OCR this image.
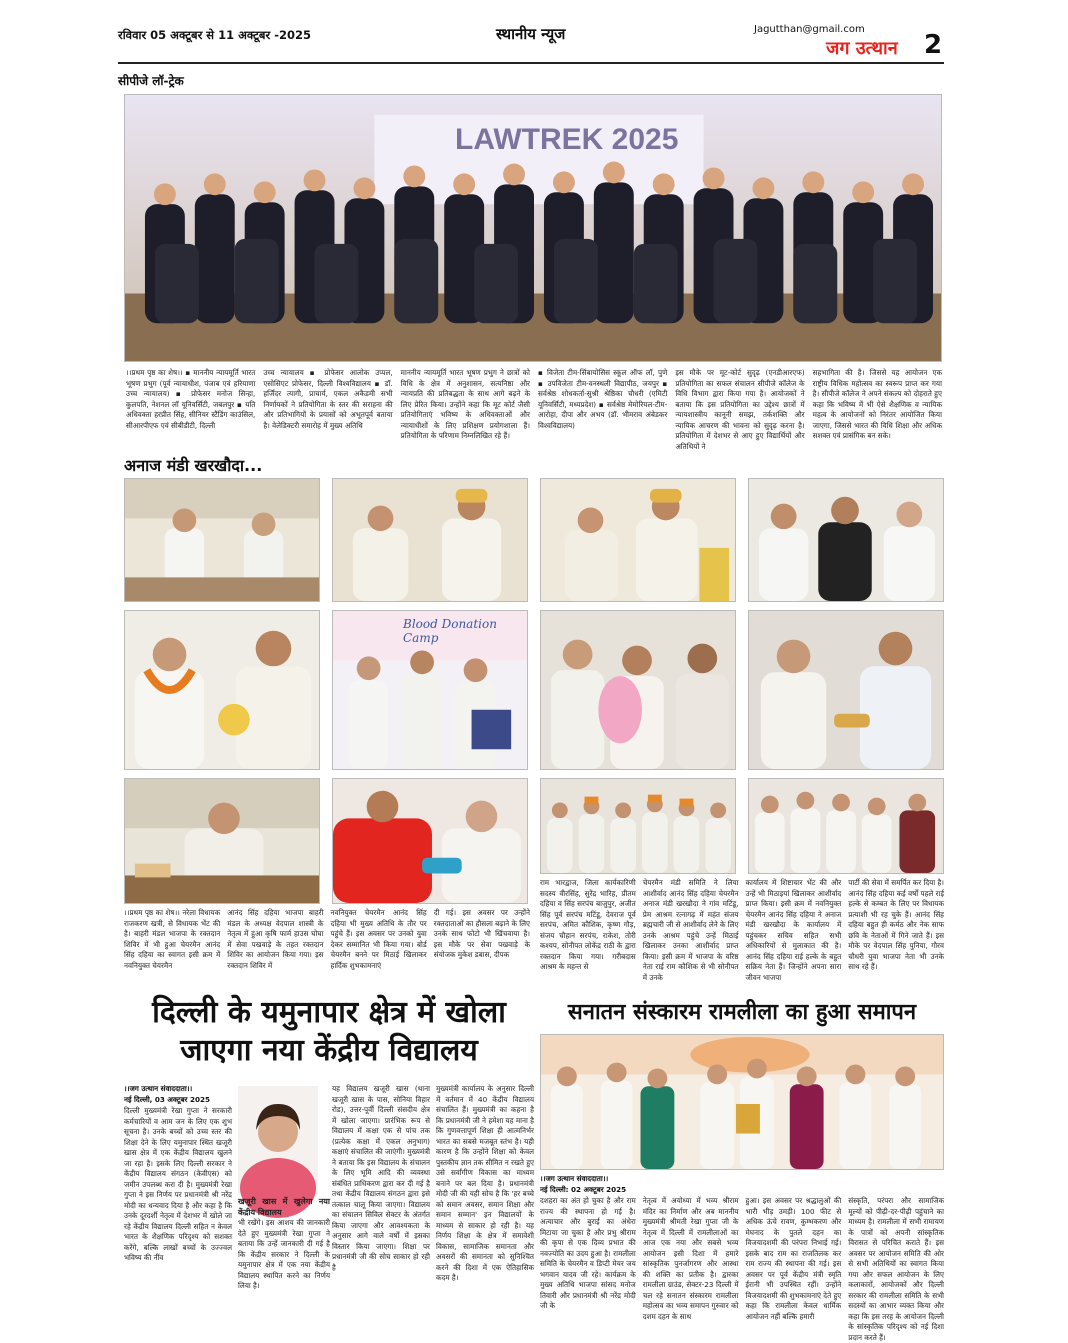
रविवार 05 अक्टूबर से 11 अक्टूबर -2025	स्थानीय न्यूज	Jagutthan@gmail.com
जग उत्थान 2
सीपीजे लॉ-ट्रेक
LAWTREK 2025
।।प्रथम पृष्ठ का शेष।। ▪ माननीय न्यायमूर्ति भारत भूषण प्रभुग (पूर्व न्यायाधीश, पंजाब एवं हरियाणा उच्च न्यायालय) ▪ प्रोफेसर मनोज सिन्हा, कुलपति, नेशनल लॉ यूनिवर्सिटी, जबलपुर ▪ यति अधिवक्ता हरप्रीत सिंह, सीनियर स्टैंडिंग काउंसिल, सीआरपीएफ एवं सीबीडीटी, दिल्ली
उच्च न्यायालय ▪ प्रोफेसर आलोक उप्पल, एसोसिएट प्रोफेसर, दिल्ली विश्वविद्यालय ▪ डॉ. हर्जिंदर त्यागी, प्राचार्य, एकल अकैडमी सभी निर्णायकों ने प्रतियोगिता के स्तर की सराहना की और प्रतिभागियों के प्रयासों को अभूतपूर्व बताया है। वेलेडिक्टरी समारोह में मुख्य अतिथि
माननीय न्यायमूर्ति भारत भूषण प्रभुग ने छात्रों को विधि के क्षेत्र में अनुशासन, सत्यनिष्ठा और न्यायप्रति की प्रतिबद्धता के साथ आगे बढ़ने के लिए प्रेरित किया। उन्होंने कहा कि मूट कोर्ट जैसी प्रतियोगिताएं भविष्य के अधिवक्ताओं और न्यायाधीशों के लिए प्रशिक्षण प्रयोगशाला हैं। प्रतियोगिता के परिणाम निम्नलिखित रहे हैं।
▪ विजेता टीम-सिंबायोसिस स्कूल ऑफ लॉ, पुणे ▪ उपविजेता टीम-वनस्थली विद्यापीठ, जयपुर ▪ सर्वश्रेष्ठ शोधकर्ता-सुश्री श्रेष्ठिका चौधरी (एमिटी यूनिवर्सिटी, मध्यप्रदेश) ▪ सर्वश्रेष्ठ मेमोरियल-टीम-आरोहा, दीपा और अभय (डॉ. भीमराव अंबेडकर विश्वविद्यालय)
इस मौके पर मूट-कोर्ट सुदृढ़ (एनडीआरएफ) प्रतियोगिता का सफल संचालन सीपीजे कॉलेज के विधि विभाग द्वारा किया गया है। आयोजकों ने बताया कि इस प्रतियोगिता का उद्देश्य छात्रों में न्यायशास्त्रीय कानूनी समझ, तर्कशक्ति और न्यायिक आचरण की भावना को सुदृढ़ करना है। प्रतियोगिता में देशभर से आए हुए विद्यार्थियों और अतिथियों ने
सहभागिता की है। जिससे यह आयोजन एक राष्ट्रीय विधिक महोत्सव का स्वरूप प्राप्त कर गया है। सीपीजे कॉलेज ने अपने संकल्प को दोहराते हुए कहा कि भविष्य में भी ऐसे शैक्षणिक व न्यायिक महत्व के आयोजनों को निरंतर आयोजित किया जाएगा, जिससे भारत की विधि शिक्षा और अधिक सशक्त एवं प्रासंगिक बन सके।
अनाज मंडी खरखौदा...
Blood Donation Camp
।।प्रथम पृष्ठ का शेष।। नरेला विधायक राजकरण खत्री, से विधायक भेंट की है। बाहरी मंडल भाजपा के रक्तदान शिविर में भी हुआ चेयरमैन आनंद सिंह दहिया का स्वागत इसी क्रम में नवनियुक्त चेयरमैन
आनंद सिंह दहिया भाजपा बाहरी मंडल के अध्यक्ष वेदपाल शास्त्री के नेतृत्व में हुआ कृषि फार्म हाउस घोघा में सेवा पखवाड़े के तहत रक्तदान शिविर का आयोजन किया गया। इस रक्तदान शिविर में
नवनियुक्त चेयरमैन आनंद सिंह दहिया भी मुख्य अतिथि के तौर पर पहुंचे हैं। इस अवसर पर उनको युवा देकर सम्मानित भी किया गया। बोर्ड चेयरमैन बनने पर मिठाई खिलाकर हार्दिक शुभकामनाएं
दी गई। इस अवसर पर उन्होंने रक्तदाताओं का हौसला बढ़ाने के लिए उनके साथ फोटो भी खिंचवाया है। इस मौके पर सेवा पखवाड़े के संयोजक मुकेश डबास, दीपक
राम भारद्वाज, जिला कार्यकारिणी सदस्य वीरसिंह, सुरेंद्र भारिह, प्रीतम दहिया व सिंह सरपंच बाजुपुर, अजीत सिंह पूर्व सरपंच मटिंडू, देवराज पूर्व सरपंच, अमित कौशिक, कृष्ण गौड़, संजय चौहान सरपंच, राकेश, तोरी कश्यप, सोनीपत लोकेंद्र राठी के द्वारा रक्तदान किया गया। गरीबदास आश्रम के महन्त से
चेयरमैन मंडी समिति ने लिया आशीर्वाद आनंद सिंह दहिया चेयरमैन अनाज मंडी खरखौदा ने गांव मटिंडू, प्रेम आश्रम रत्नागढ़ में महंत संजय ब्रह्मचारी जी से आशीर्वाद लेने के लिए उनके आश्रम पहुंचे उन्हें मिठाई खिलाकर उनका आशीर्वाद प्राप्त किया। इसी क्रम में भाजपा के वरिष्ठ नेता राई राम कौशिक से भी सोनीपत में उनके
कार्यालय में शिष्टाचार भेंट की और उन्हें भी मिठाइयां खिलाकर आशीर्वाद प्राप्त किया। इसी क्रम में नवनियुक्त चेयरमैन आनंद सिंह दहिया ने अनाज मंडी खरखौदा के कार्यालय में पहुंचकर सचिव सहित सभी अधिकारियों से मुलाकात की है। आनंद सिंह दहिया राई हल्के के बहुत सक्रिय नेता हैं। जिन्होंने अपना सारा जीवन भाजपा
पार्टी की सेवा में समर्पित कर दिया है। आनंद सिंह दहिया कई वर्षों पहले राई हल्के से कम्बत के लिए पर विधायक प्रत्याशी भी रह चुके हैं। आनंद सिंह दहिया बहुत ही कर्मठ और नेक साफ छवि के नेताओं में गिने जाते हैं। इस मौके पर वेदपाल सिंह पुनिया, गौरव चौधरी युवा भाजपा नेता भी उनके साथ रहे हैं।
दिल्ली के यमुनापार क्षेत्र में खोला
जाएगा नया केंद्रीय विद्यालय
।।जग उत्थान संवाददाता।।
नई दिल्ली, 03 अक्टूबर 2025
दिल्ली मुख्यमंत्री रेखा गुप्ता ने सरकारी कर्मचारियों व आम जन के लिए एक शुभ सूचना है। उनके बच्चों को उच्च स्तर की शिक्षा देने के लिए यमुनापार स्थित खजूरी खास क्षेत्र में एक केंद्रीय विद्यालय खुलने जा रहा है। इसके लिए दिल्ली सरकार ने केंद्रीय विद्यालय संगठन (केवीएस) को जमीन उपलब्ध करा दी है। मुख्यमंत्री रेखा गुप्ता ने इस निर्णय पर प्रधानमंत्री श्री नरेंद्र मोदी का धन्यवाद दिया है और कहा है कि उनके दूरदर्शी नेतृत्व में देशभर में खोले जा रहे केंद्रीय विद्यालय दिल्ली सहित न केवल भारत के शैक्षणिक परिदृश्य को सशक्त करेंगे, बल्कि लाखों बच्चों के उज्ज्वल भविष्य की नींव
खजूरी खास में खुलेगा नया केंद्रीय विद्यालय
भी रखेंगे। इस आशय की जानकारी देते हुए मुख्यमंत्री रेखा गुप्ता ने बताया कि उन्हें जानकारी दी गई है कि केंद्रीय सरकार ने दिल्ली के यमुनापार क्षेत्र में एक नया केंद्रीय विद्यालय स्थापित करने का निर्णय लिया है।
यह विद्यालय खजूरी खास (थाना खजूरी खास के पास, सोनिया विहार रोड), उत्तर-पूर्वी दिल्ली संसदीय क्षेत्र में खोला जाएगा। प्रारंभिक रूप से विद्यालय में कक्षा एक से पांच तक (प्रत्येक कक्षा में एकल अनुभाग) कक्षाएं संचालित की जाएंगी। मुख्यमंत्री ने बताया कि इस विद्यालय के संचालन के लिए भूमि आदि की व्यवस्था संबंधित प्राधिकरण द्वारा कर दी गई है तथा केंद्रीय विद्यालय संगठन द्वारा इसे तत्काल चालू किया जाएगा। विद्यालय का संचालन सिविल सेक्टर के अंतर्गत किया जाएगा और आवश्यकता के अनुसार आगे वाले वर्षों में इसका विस्तार किया जाएगा। शिक्षा पर प्रधानमंत्री जी की सोच साकार हो रही है
मुख्यमंत्री कार्यालय के अनुसार दिल्ली में वर्तमान में 40 केंद्रीय विद्यालय संचालित हैं। मुख्यमंत्री का कहना है कि प्रधानमंत्री जी ने हमेशा यह माना है कि गुणवत्तापूर्ण शिक्षा ही आत्मनिर्भर भारत का सबसे मजबूत स्तंभ है। यही कारण है कि उन्होंने शिक्षा को केवल पुस्तकीय ज्ञान तक सीमित न रखते हुए उसे सर्वांगीण विकास का माध्यम बनाने पर बल दिया है। प्रधानमंत्री मोदी जी की यही सोच है कि 'हर बच्चे को समान अवसर, समान शिक्षा और समान सम्मान' इन विद्यालयों के माध्यम से साकार हो रही है। यह निर्णय शिक्षा के क्षेत्र में समावेशी विकास, सामाजिक समानता और अवसरों की समानता को सुनिश्चित करने की दिशा में एक ऐतिहासिक कदम है।
सनातन संस्कारम रामलीला का हुआ समापन
।।जग उत्थान संवाददाता।।
नई दिल्ली: 02 अक्टूबर 2025
दशहरा का अंत हो चुका है और राम राज्य की स्थापना हो गई है। अत्याचार और बुराई का अंधेरा मिटाया जा चुका है और प्रभु श्रीराम की कृपा से एक दिव्य प्रभात की नवज्योति का उदय हुआ है। रामलीला समिति के चेयरमैन व डिप्टी मेयर जय भगवान यादव जी रहे। कार्यक्रम के मुख्य अतिथि भाजपा सांसद मनोज तिवारी और प्रधानमंत्री श्री नरेंद्र मोदी जी के
नेतृत्व में अयोध्या में भव्य श्रीराम मंदिर का निर्माण और अब माननीय मुख्यमंत्री श्रीमती रेखा गुप्ता जी के नेतृत्व में दिल्ली में रामलीलाओं का आज एक नया और सबसे भव्य आयोजन इसी दिशा में हमारे सांस्कृतिक पुनर्जागरण और आस्था की शक्ति का प्रतीक है। द्वारका रामलीला ग्राउंड, सेक्टर-23 दिल्ली में चल रहे सनातन संस्कारम रामलीला महोत्सव का भव्य समापन गुरुवार को दशम दहन के साथ
हुआ। इस अवसर पर श्रद्धालुओं की भारी भीड़ उमड़ी। 100 फीट से अधिक ऊंचे रावण, कुम्भकरण और मेघनाद के पुतले दहन का विजयादशमी की परंपरा निभाई गई। इसके बाद राम का राजतिलक कर राम राज्य की स्थापना की गई। इस अवसर पर पूर्व केंद्रीय मंत्री स्मृति ईरानी भी उपस्थित रहीं। उन्होंने विजयादशमी की शुभकामनाएं देते हुए कहा कि रामलीला केवल धार्मिक आयोजन नहीं बल्कि हमारी
संस्कृति, परंपरा और सामाजिक मूल्यों को पीढ़ी-दर-पीढ़ी पहुंचाने का माध्यम है। रामलीला में सभी रामायण के पात्रों को अपनी सांस्कृतिक विरासत से परिचित कराते हैं। इस अवसर पर आयोजन समिति की ओर से सभी अतिथियों का स्वागत किया गया और सफल आयोजन के लिए कलाकारों, आयोजकों और दिल्ली सरकार की रामलीला समिति के सभी सदस्यों का आभार व्यक्त किया और कहा कि इस तरह के आयोजन दिल्ली के सांस्कृतिक परिदृश्य को नई दिशा प्रदान करते हैं।
